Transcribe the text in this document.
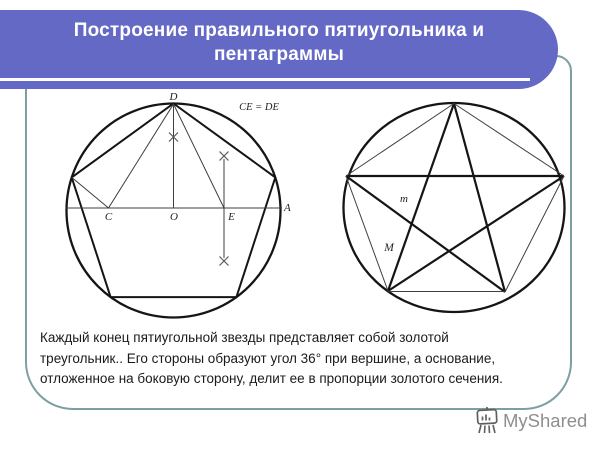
Построение правильного пятиугольника и
пентаграммы
D
CE = DE
C	O	E
A
m
M
Каждый конец пятиугольной звезды представляет собой золотой
треугольник.. Его стороны образуют угол 36° при вершине, а основание,
отложенное на боковую сторону, делит ее в пропорции золотого сечения.
MyShared
